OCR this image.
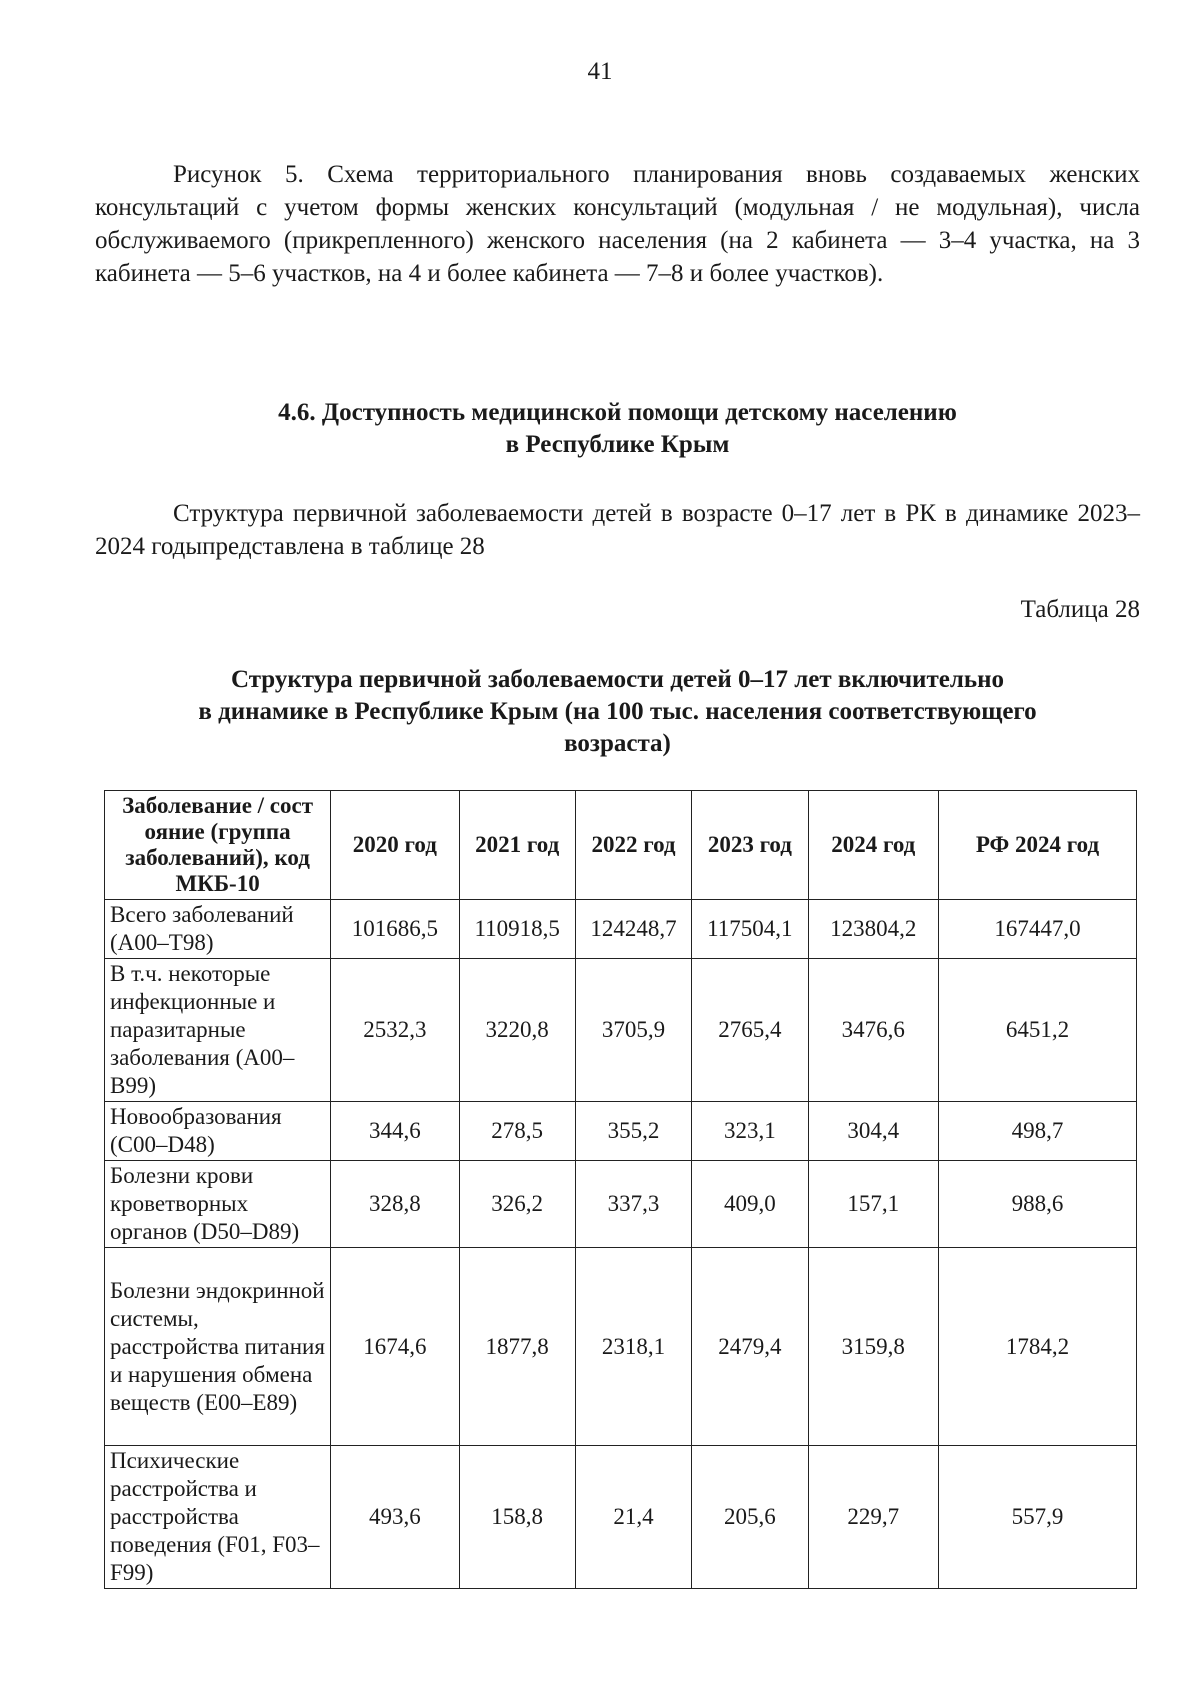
41

Рисунок 5. Схема территориального планирования вновь создаваемых женских консультаций с учетом формы женских консультаций (модульная / не модульная), числа обслуживаемого (прикрепленного) женского населения (на 2 кабинета — 3–4 участка, на 3 кабинета — 5–6 участков, на 4 и более кабинета — 7–8 и более участков).

4.6. Доступность медицинской помощи детскому населению
в Республике Крым

Структура первичной заболеваемости детей в возрасте 0–17 лет в РК в динамике 2023–2024 годыпредставлена в таблице 28

Таблица 28
Структура первичной заболеваемости детей 0–17 лет включительно
в динамике в Республике Крым (на 100 тыс. населения соответствующего
возраста)
Заболевание / сост ояние (группа заболеваний), код МКБ-10	2020 год	2021 год	2022 год	2023 год	2024 год	РФ 2024 год
Всего заболеваний (А00–Т98)	101686,5	110918,5	124248,7	117504,1	123804,2	167447,0
В т.ч. некоторые инфекционные и паразитарные заболевания (А00–В99)	2532,3	3220,8	3705,9	2765,4	3476,6	6451,2
Новообразования (С00–D48)	344,6	278,5	355,2	323,1	304,4	498,7
Болезни крови кроветворных органов (D50–D89)	328,8	326,2	337,3	409,0	157,1	988,6
Болезни эндокринной системы, расстройства питания и нарушения обмена веществ (Е00–Е89)	1674,6	1877,8	2318,1	2479,4	3159,8	1784,2
Психические расстройства и расстройства поведения (F01, F03–F99)	493,6	158,8	21,4	205,6	229,7	557,9
